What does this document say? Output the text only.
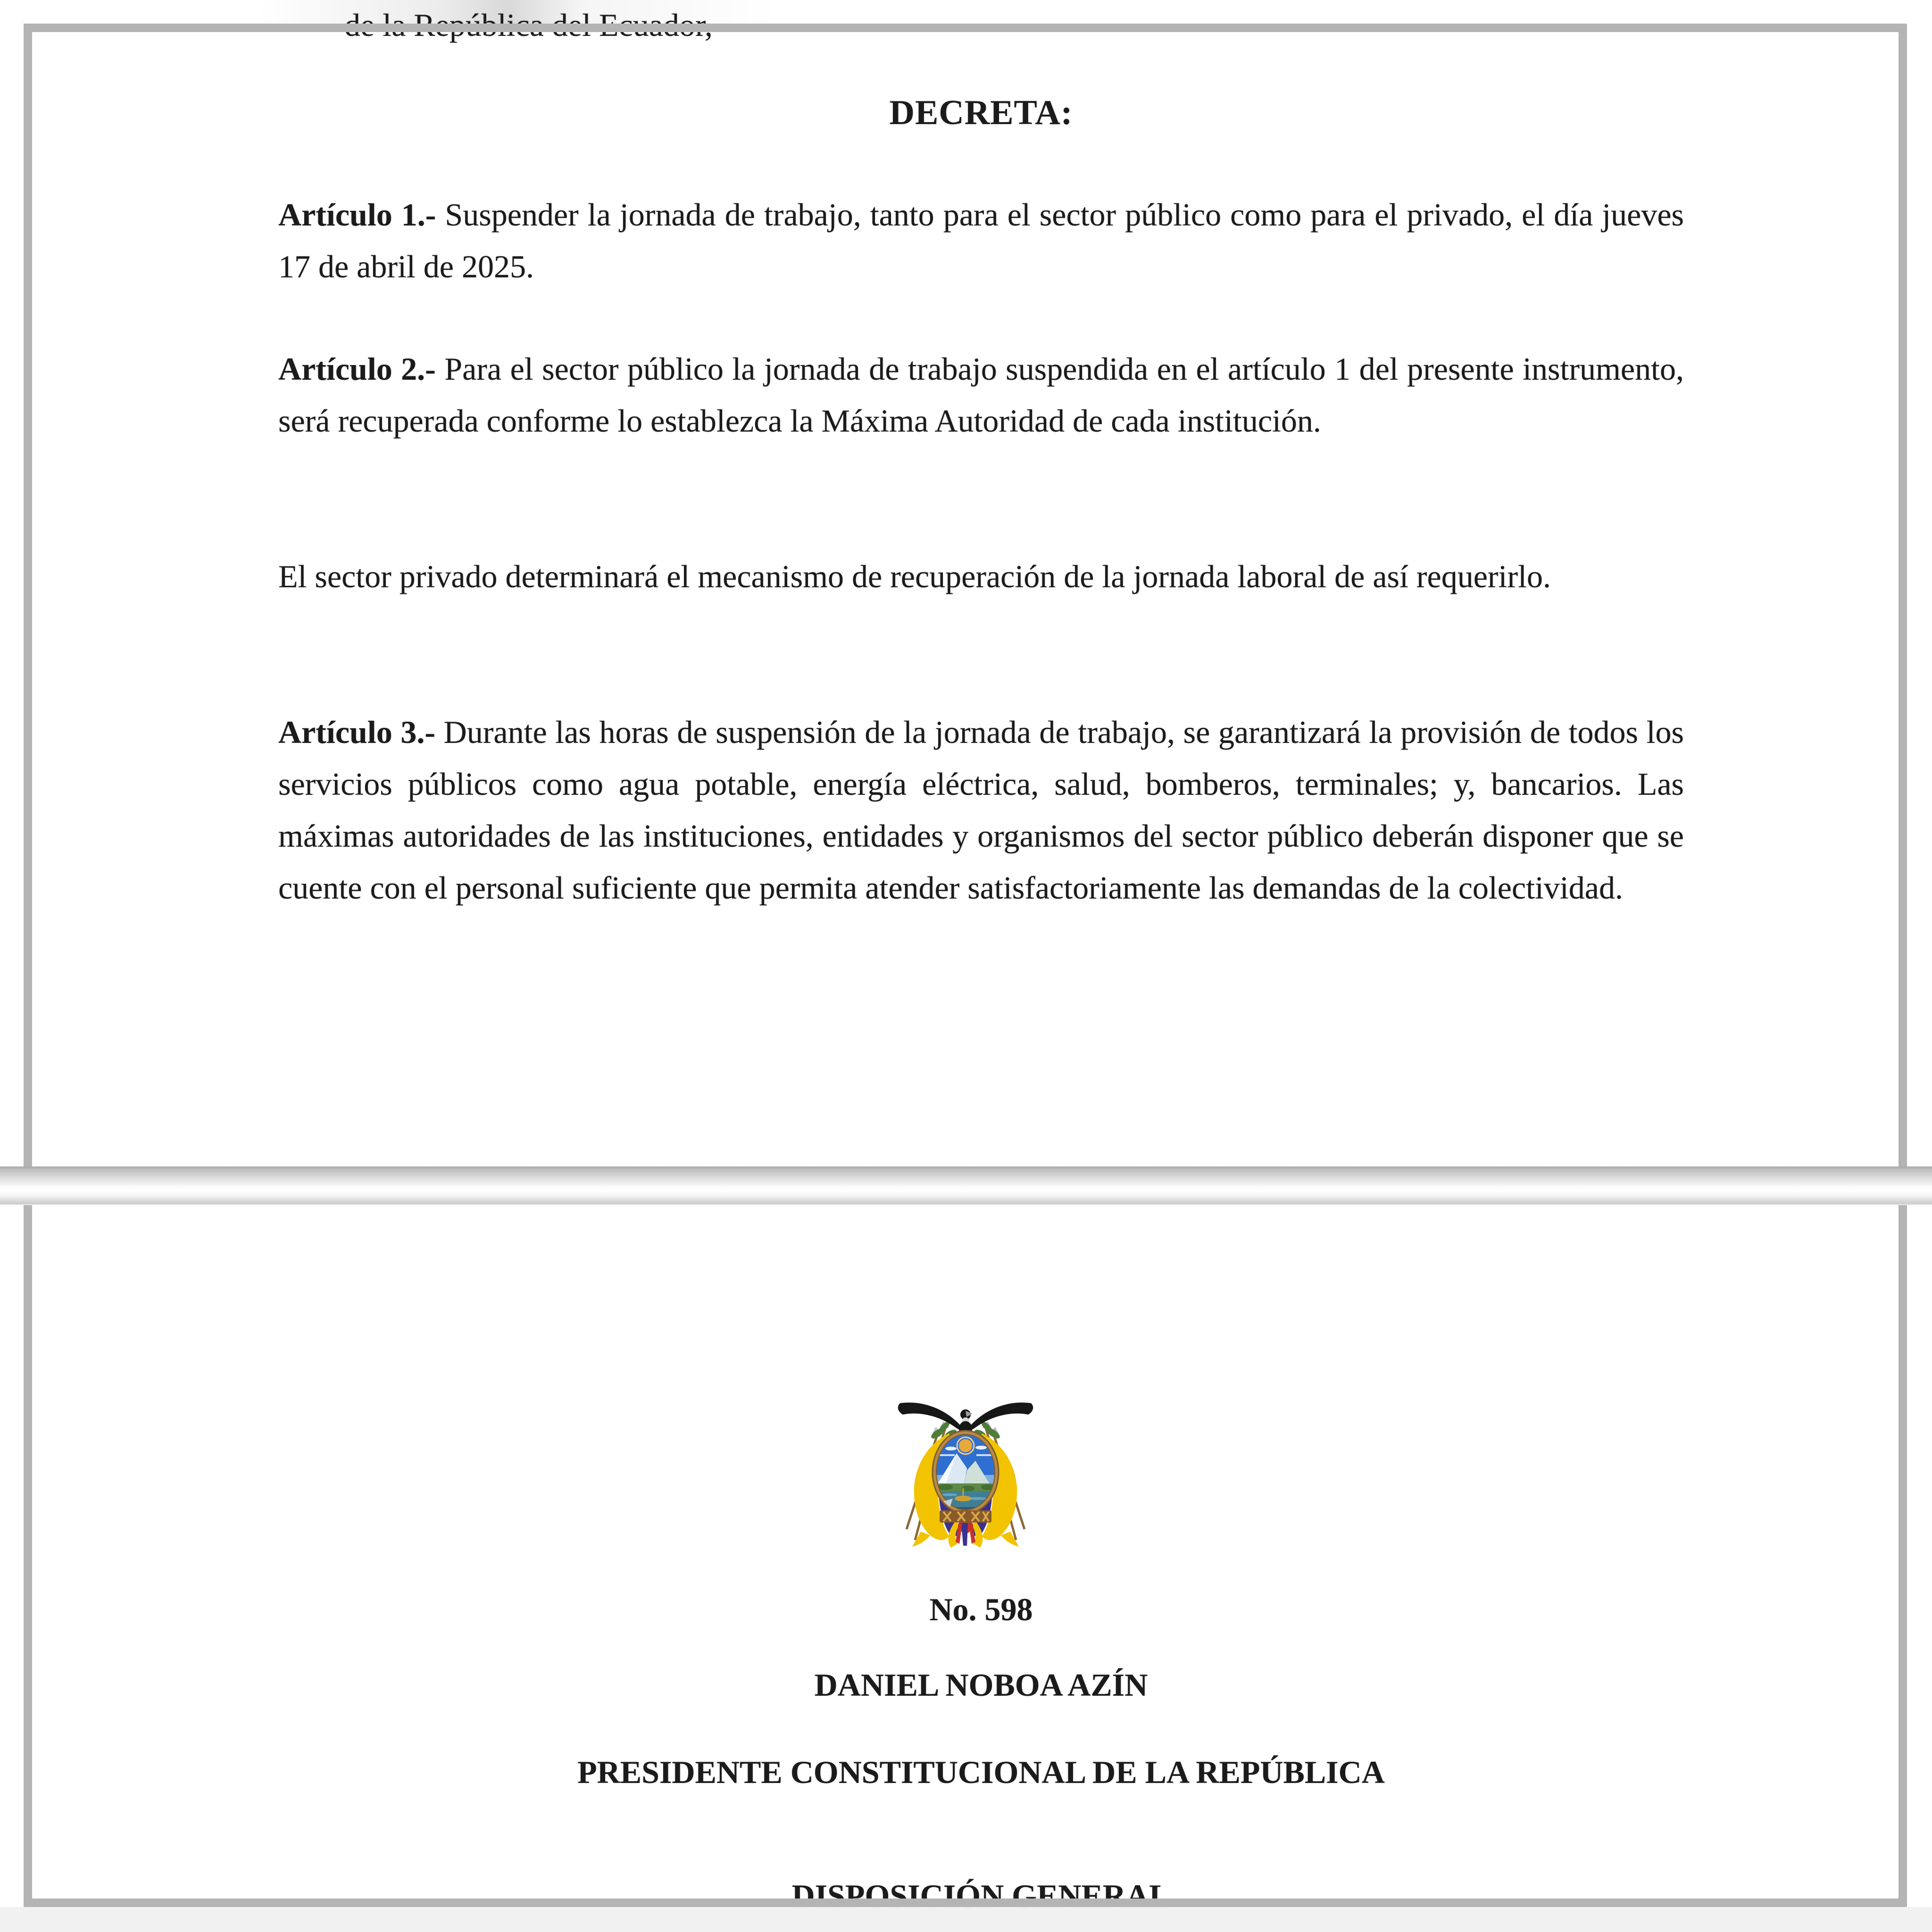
de la República del Ecuador,
DECRETA:

Artículo 1.- Suspender la jornada de trabajo, tanto para el sector público como para el privado, el día jueves 17 de abril de 2025.

Artículo 2.- Para el sector público la jornada de trabajo suspendida en el artículo 1 del presente instrumento, será recuperada conforme lo establezca la Máxima Autoridad de cada institución.

El sector privado determinará el mecanismo de recuperación de la jornada laboral de así requerirlo.

Artículo 3.- Durante las horas de suspensión de la jornada de trabajo, se garantizará la provisión de todos los servicios públicos como agua potable, energía eléctrica, salud, bomberos, terminales; y, bancarios. Las máximas autoridades de las instituciones, entidades y organismos del sector público deberán disponer que se cuente con el personal suficiente que permita atender satisfactoriamente las demandas de la colectividad.

No. 598
DANIEL NOBOA AZÍN
PRESIDENTE CONSTITUCIONAL DE LA REPÚBLICA
DISPOSICIÓN GENERAL
